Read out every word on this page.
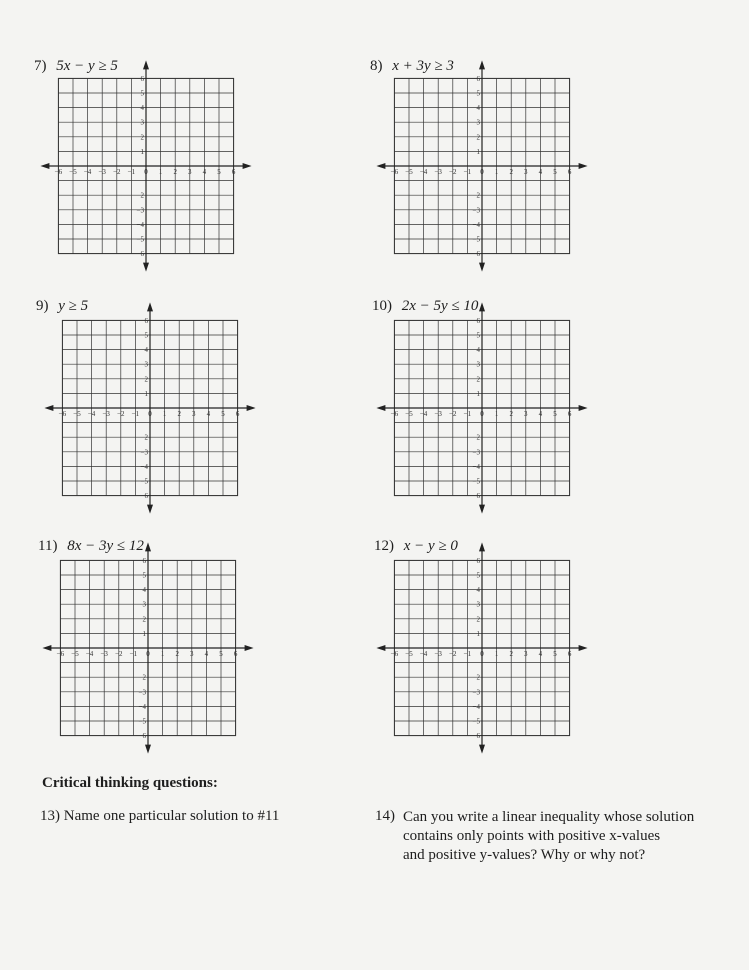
7) 5x − y ≥ 5
−6 −5 −4 −3 −2 −1 0 1 2 3 4 5 6
6
5
4
3
2
1
−2
−3
−4
−5
−6
8) x + 3y ≥ 3
−6 −5 −4 −3 −2 −1 0 1 2 3 4 5 6
6
5
4
3
2
1
−2
−3
−4
−5
−6
9) y ≥ 5
−6 −5 −4 −3 −2 −1 0 1 2 3 4 5 6
6
5
4
3
2
1
−2
−3
−4
−5
−6
10) 2x − 5y ≤ 10
−6 −5 −4 −3 −2 −1 0 1 2 3 4 5 6
6
5
4
3
2
1
−2
−3
−4
−5
−6
11) 8x − 3y ≤ 12
−6 −5 −4 −3 −2 −1 0 1 2 3 4 5 6
6
5
4
3
2
1
−2
−3
−4
−5
−6
12) x − y ≥ 0
−6 −5 −4 −3 −2 −1 0 1 2 3 4 5 6
6
5
4
3
2
1
−2
−3
−4
−5
−6
Critical thinking questions:
13) Name one particular solution to #11	14) Can you write a linear inequality whose solution
contains only points with positive x-values
and positive y-values? Why or why not?
